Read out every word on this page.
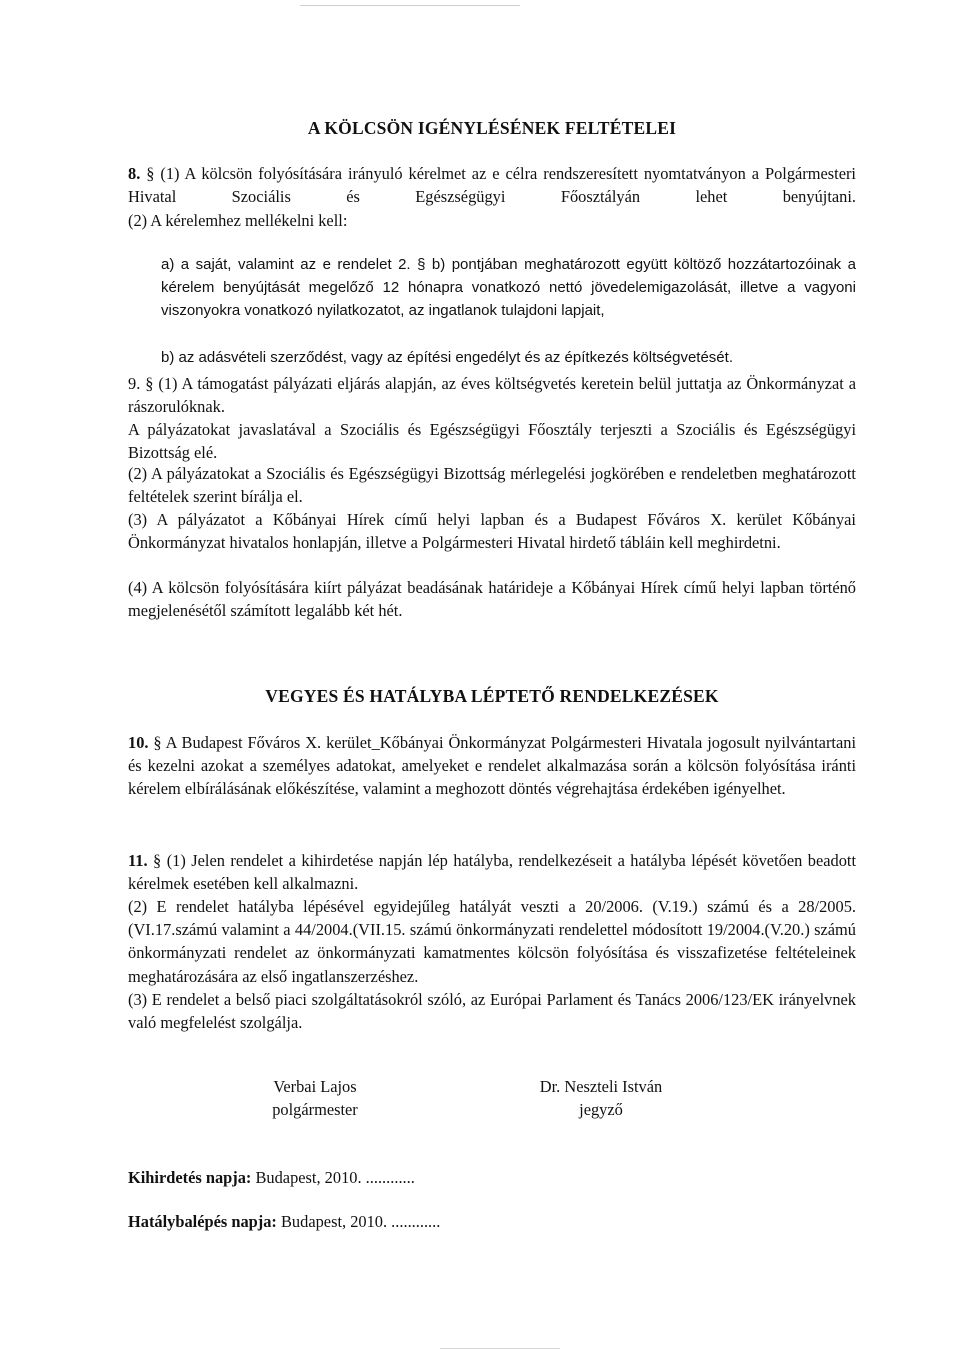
A KÖLCSÖN IGÉNYLÉSÉNEK FELTÉTELEI
8. § (1) A kölcsön folyósítására irányuló kérelmet az e célra rendszeresített nyomtatványon a Polgármesteri Hivatal Szociális és Egészségügyi Főosztályán lehet benyújtani.
(2) A kérelemhez mellékelni kell:
a) a saját, valamint az e rendelet 2. § b) pontjában meghatározott együtt költöző hozzátartozóinak a kérelem benyújtását megelőző 12 hónapra vonatkozó nettó jövedelemigazolását, illetve a vagyoni viszonyokra vonatkozó nyilatkozatot, az ingatlanok tulajdoni lapjait,
b) az adásvételi szerződést, vagy az építési engedélyt és az építkezés költségvetését.
9. § (1) A támogatást pályázati eljárás alapján, az éves költségvetés keretein belül juttatja az Önkormányzat a rászorulóknak.
A pályázatokat javaslatával a Szociális és Egészségügyi Főosztály terjeszti a Szociális és Egészségügyi Bizottság elé.
(2) A pályázatokat a Szociális és Egészségügyi Bizottság mérlegelési jogkörében e rendeletben meghatározott feltételek szerint bírálja el.
(3) A pályázatot a Kőbányai Hírek című helyi lapban és a Budapest Főváros X. kerület Kőbányai Önkormányzat hivatalos honlapján, illetve a Polgármesteri Hivatal hirdető tábláin kell meghirdetni.
(4) A kölcsön folyósítására kiírt pályázat beadásának határideje a Kőbányai Hírek című helyi lapban történő megjelenésétől számított legalább két hét.
VEGYES ÉS HATÁLYBA LÉPTETŐ RENDELKEZÉSEK
10. § A Budapest Főváros X. kerület_Kőbányai Önkormányzat Polgármesteri Hivatala jogosult nyilvántartani és kezelni azokat a személyes adatokat, amelyeket e rendelet alkalmazása során a kölcsön folyósítása iránti kérelem elbírálásának előkészítése, valamint a meghozott döntés végrehajtása érdekében igényelhet.
11. § (1) Jelen rendelet a kihirdetése napján lép hatályba, rendelkezéseit a hatályba lépését követően beadott kérelmek esetében kell alkalmazni.
(2) E rendelet hatályba lépésével egyidejűleg hatályát veszti a 20/2006. (V.19.) számú és a 28/2005.(VI.17.számú valamint a 44/2004.(VII.15. számú önkormányzati rendelettel módosított 19/2004.(V.20.) számú önkormányzati rendelet az önkormányzati kamatmentes kölcsön folyósítása és visszafizetése feltételeinek meghatározására az első ingatlanszerzéshez.
(3) E rendelet a belső piaci szolgáltatásokról szóló, az Európai Parlament és Tanács 2006/123/EK irányelvnek való megfelelést szolgálja.
Verbai Lajos
polgármester
Dr. Neszteli István
jegyző
Kihirdetés napja: Budapest, 2010. ............
Hatálybalépés napja: Budapest, 2010. ............
